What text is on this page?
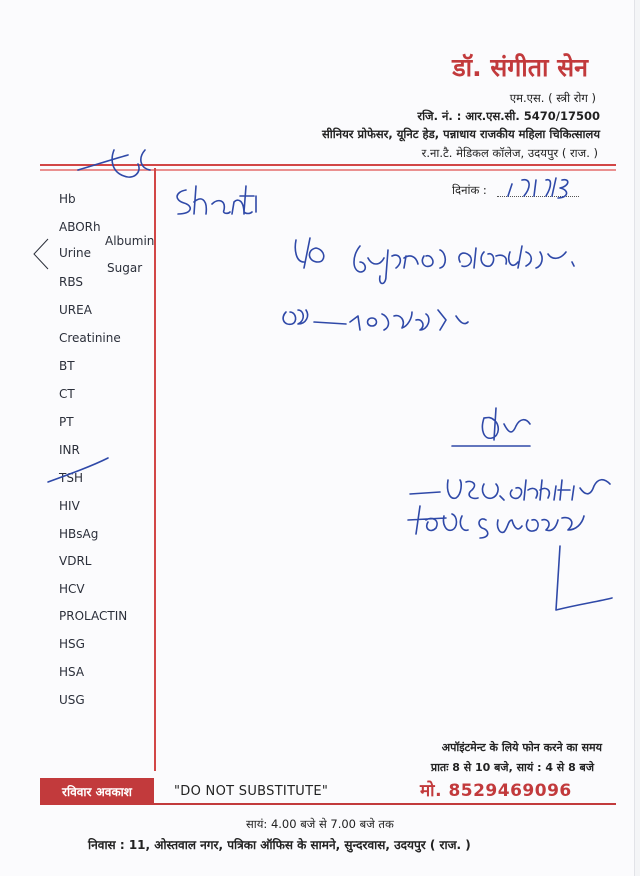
डॉ. संगीता सेन
एम.एस. ( स्त्री रोग )
रजि. नं. : आर.एस.सी. 5470/17500
सीनियर प्रोफेसर, यूनिट हेड, पन्नाधाय राजकीय महिला चिकित्सालय
र.ना.टै. मेडिकल कॉलेज, उदयपुर ( राज. )
दिनांक :
Hb
ABORh
Urine
Albumin
Sugar
RBS
UREA
Creatinine
BT
CT
PT
INR
TSH
HIV
HBsAg
VDRL
HCV
PROLACTIN
HSG
HSA
USG
अपॉइंटमेन्ट के लिये फोन करने का समय
प्रातः 8 से 10 बजे, सायं : 4 से 8 बजे
मो. 8529469096
रविवार अवकाश	"DO NOT SUBSTITUTE"
सायं: 4.00 बजे से 7.00 बजे तक
निवास : 11, ओस्तवाल नगर, पत्रिका ऑफिस के सामने, सुन्दरवास, उदयपुर ( राज. )
